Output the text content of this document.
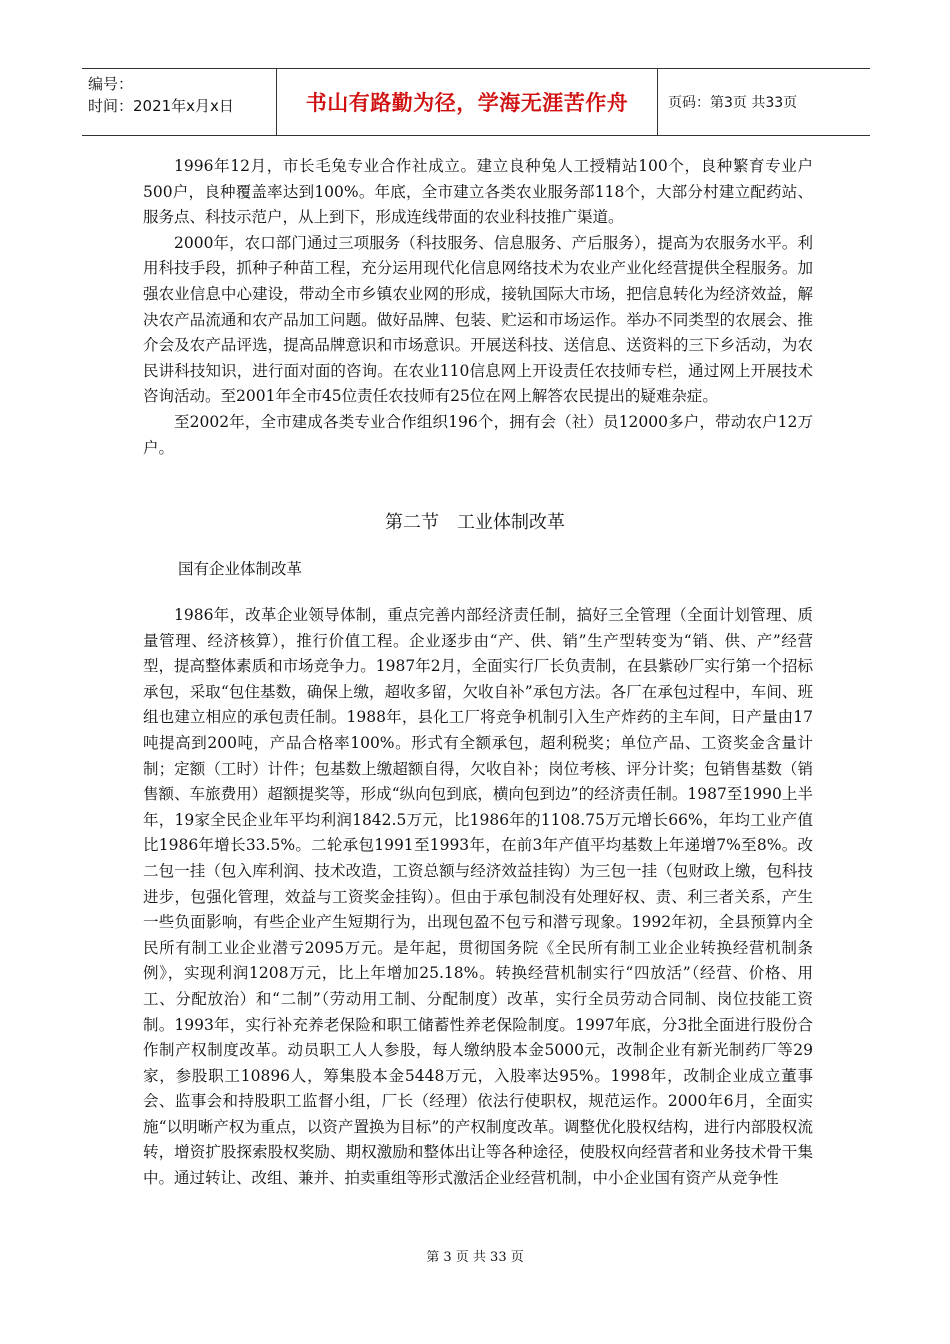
编号：
时间：2021年x月x日	书山有路勤为径，学海无涯苦作舟	页码：第3页 共33页

1996年12月，市长毛兔专业合作社成立。建立良种兔人工授精站100个，良种繁育专业户500户，良种覆盖率达到100%。年底，全市建立各类农业服务部118个，大部分村建立配药站、服务点、科技示范户，从上到下，形成连线带面的农业科技推广渠道。

2000年，农口部门通过三项服务（科技服务、信息服务、产后服务），提高为农服务水平。利用科技手段，抓种子种苗工程，充分运用现代化信息网络技术为农业产业化经营提供全程服务。加强农业信息中心建设，带动全市乡镇农业网的形成，接轨国际大市场，把信息转化为经济效益，解决农产品流通和农产品加工问题。做好品牌、包装、贮运和市场运作。举办不同类型的农展会、推介会及农产品评选，提高品牌意识和市场意识。开展送科技、送信息、送资料的三下乡活动，为农民讲科技知识，进行面对面的咨询。在农业110信息网上开设责任农技师专栏，通过网上开展技术咨询活动。至2001年全市45位责任农技师有25位在网上解答农民提出的疑难杂症。

至2002年，全市建成各类专业合作组织196个，拥有会（社）员12000多户，带动农户12万户。

第二节　工业体制改革
国有企业体制改革

1986年，改革企业领导体制，重点完善内部经济责任制，搞好三全管理（全面计划管理、质量管理、经济核算），推行价值工程。企业逐步由“产、供、销”生产型转变为“销、供、产”经营型，提高整体素质和市场竞争力。1987年2月，全面实行厂长负责制，在县紫砂厂实行第一个招标承包，采取“包住基数，确保上缴，超收多留，欠收自补”承包方法。各厂在承包过程中，车间、班组也建立相应的承包责任制。1988年，县化工厂将竞争机制引入生产炸药的主车间，日产量由17吨提高到200吨，产品合格率100%。形式有全额承包，超利税奖；单位产品、工资奖金含量计制；定额（工时）计件；包基数上缴超额自得，欠收自补；岗位考核、评分计奖；包销售基数（销售额、车旅费用）超额提奖等，形成“纵向包到底，横向包到边”的经济责任制。1987至1990上半年，19家全民企业年平均利润1842.5万元，比1986年的1108.75万元增长66%，年均工业产值比1986年增长33.5%。二轮承包1991至1993年，在前3年产值平均基数上年递增7%至8%。改二包一挂（包入库利润、技术改造，工资总额与经济效益挂钩）为三包一挂（包财政上缴，包科技进步，包强化管理，效益与工资奖金挂钩）。但由于承包制没有处理好权、责、利三者关系，产生一些负面影响，有些企业产生短期行为，出现包盈不包亏和潜亏现象。1992年初，全县预算内全民所有制工业企业潜亏2095万元。是年起，贯彻国务院《全民所有制工业企业转换经营机制条例》，实现利润1208万元，比上年增加25.18%。转换经营机制实行“四放活”（经营、价格、用工、分配放治）和“二制”（劳动用工制、分配制度）改革，实行全员劳动合同制、岗位技能工资制。1993年，实行补充养老保险和职工储蓄性养老保险制度。1997年底，分3批全面进行股份合作制产权制度改革。动员职工人人参股，每人缴纳股本金5000元，改制企业有新光制药厂等29家，参股职工10896人，筹集股本金5448万元，入股率达95%。1998年，改制企业成立董事会、监事会和持股职工监督小组，厂长（经理）依法行使职权，规范运作。2000年6月，全面实施“以明晰产权为重点，以资产置换为目标”的产权制度改革。调整优化股权结构，进行内部股权流转，增资扩股探索股权奖励、期权激励和整体出让等各种途径，使股权向经营者和业务技术骨干集中。通过转让、改组、兼并、拍卖重组等形式激活企业经营机制，中小企业国有资产从竞争性

第 3 页 共 33 页
